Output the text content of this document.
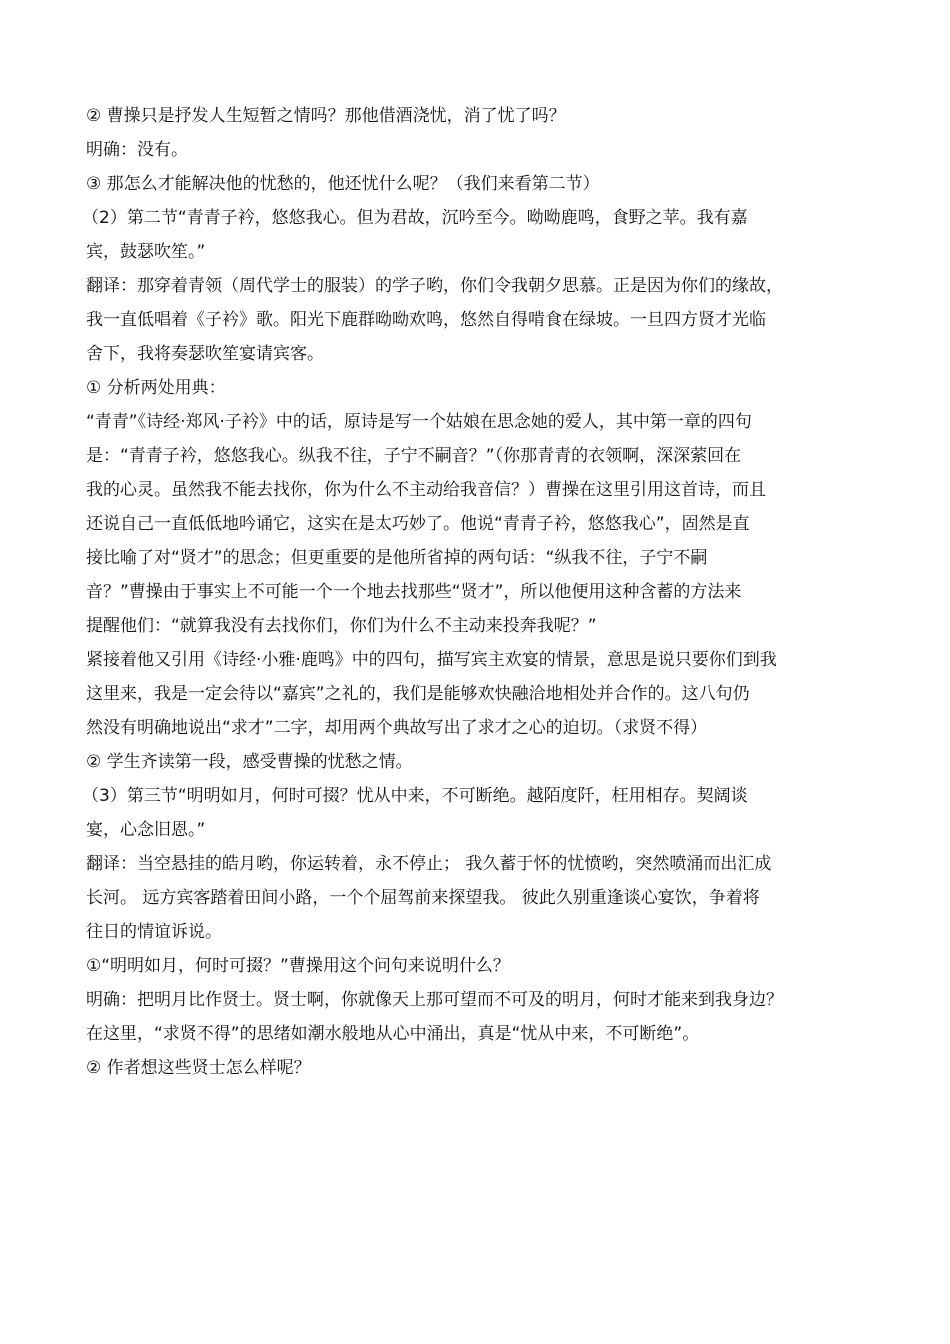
② 曹操只是抒发人生短暂之情吗？那他借酒浇忧，消了忧了吗？
明确：没有。
③ 那怎么才能解决他的忧愁的，他还忧什么呢？（我们来看第二节）
（2）第二节“青青子衿，悠悠我心。但为君故，沉吟至今。呦呦鹿鸣，食野之苹。我有嘉
宾，鼓瑟吹笙。”
翻译：那穿着青领（周代学士的服装）的学子哟，你们令我朝夕思慕。正是因为你们的缘故，
我一直低唱着《子衿》歌。阳光下鹿群呦呦欢鸣，悠然自得啃食在绿坡。一旦四方贤才光临
舍下，我将奏瑟吹笙宴请宾客。
① 分析两处用典：
“青青”《诗经·郑风·子衿》中的话，原诗是写一个姑娘在思念她的爱人，其中第一章的四句
是：“青青子衿，悠悠我心。纵我不往，子宁不嗣音？”（你那青青的衣领啊，深深萦回在
我的心灵。虽然我不能去找你，你为什么不主动给我音信？）曹操在这里引用这首诗，而且
还说自己一直低低地吟诵它，这实在是太巧妙了。他说“青青子衿，悠悠我心”，固然是直
接比喻了对“贤才”的思念；但更重要的是他所省掉的两句话：“纵我不往，子宁不嗣
音？”曹操由于事实上不可能一个一个地去找那些“贤才”，所以他便用这种含蓄的方法来
提醒他们：“就算我没有去找你们，你们为什么不主动来投奔我呢？”
紧接着他又引用《诗经·小雅·鹿鸣》中的四句，描写宾主欢宴的情景，意思是说只要你们到我
这里来，我是一定会待以“嘉宾”之礼的，我们是能够欢快融洽地相处并合作的。这八句仍
然没有明确地说出“求才”二字，却用两个典故写出了求才之心的迫切。（求贤不得）
② 学生齐读第一段，感受曹操的忧愁之情。
（3）第三节“明明如月，何时可掇？忧从中来，不可断绝。越陌度阡，枉用相存。契阔谈
宴，心念旧恩。”
翻译：当空悬挂的皓月哟，你运转着，永不停止； 我久蓄于怀的忧愤哟，突然喷涌而出汇成
长河。 远方宾客踏着田间小路，一个个屈驾前来探望我。 彼此久别重逢谈心宴饮，争着将
往日的情谊诉说。
①“明明如月，何时可掇？”曹操用这个问句来说明什么？
明确：把明月比作贤士。贤士啊，你就像天上那可望而不可及的明月，何时才能来到我身边？
在这里，“求贤不得”的思绪如潮水般地从心中涌出，真是“忧从中来，不可断绝”。
② 作者想这些贤士怎么样呢？
